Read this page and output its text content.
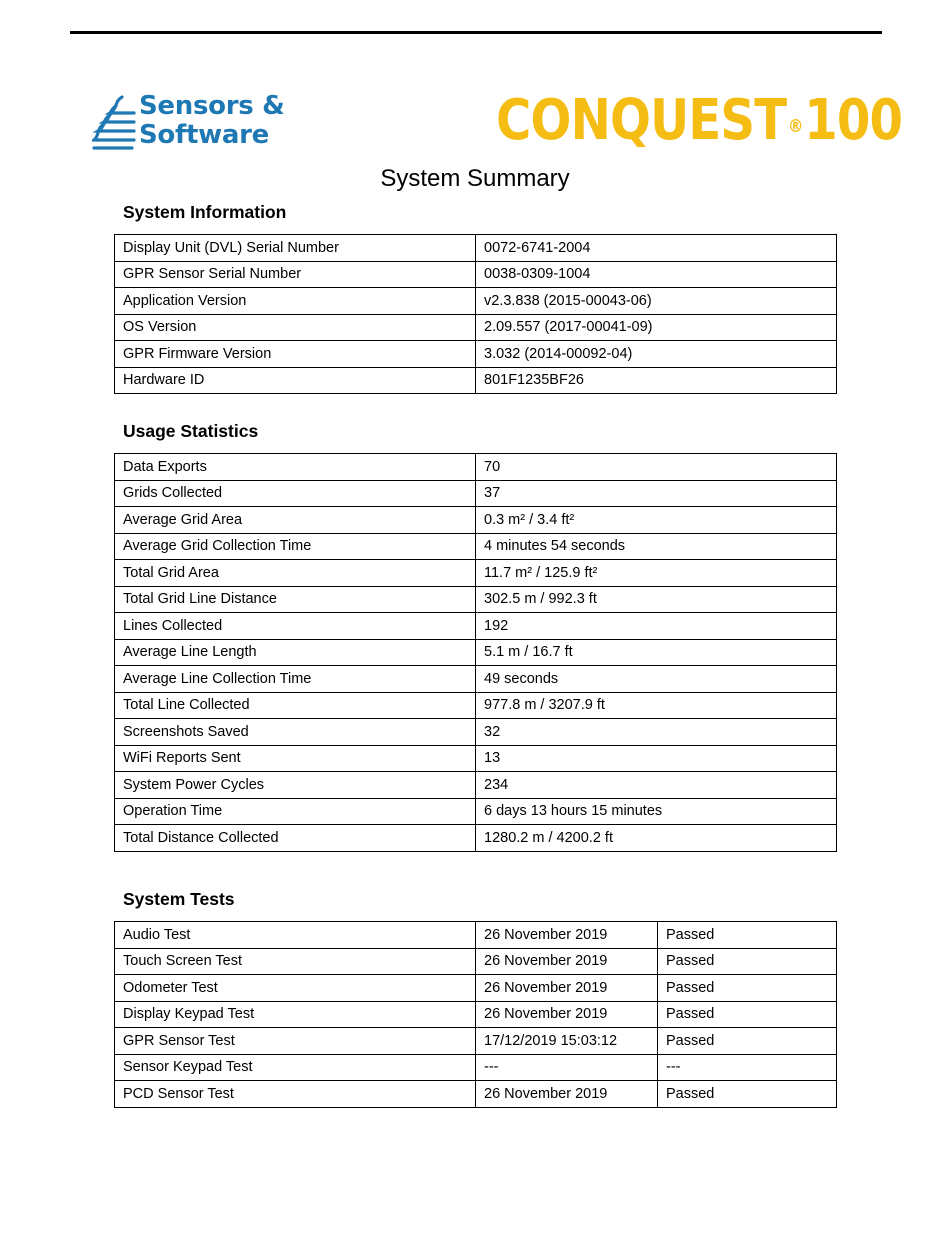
Sensors &
Software	CONQUEST®100
System Summary
System Information
Display Unit (DVL) Serial Number	0072-6741-2004
GPR Sensor Serial Number	0038-0309-1004
Application Version	v2.3.838 (2015-00043-06)
OS Version	2.09.557 (2017-00041-09)
GPR Firmware Version	3.032 (2014-00092-04)
Hardware ID	801F1235BF26
Usage Statistics
Data Exports	70
Grids Collected	37
Average Grid Area	0.3 m² / 3.4 ft²
Average Grid Collection Time	4 minutes 54 seconds
Total Grid Area	11.7 m² / 125.9 ft²
Total Grid Line Distance	302.5 m / 992.3 ft
Lines Collected	192
Average Line Length	5.1 m / 16.7 ft
Average Line Collection Time	49 seconds
Total Line Collected	977.8 m / 3207.9 ft
Screenshots Saved	32
WiFi Reports Sent	13
System Power Cycles	234
Operation Time	6 days 13 hours 15 minutes
Total Distance Collected	1280.2 m / 4200.2 ft
System Tests
Audio Test	26 November 2019	Passed
Touch Screen Test	26 November 2019	Passed
Odometer Test	26 November 2019	Passed
Display Keypad Test	26 November 2019	Passed
GPR Sensor Test	17/12/2019 15:03:12	Passed
Sensor Keypad Test	---	---
PCD Sensor Test	26 November 2019	Passed
